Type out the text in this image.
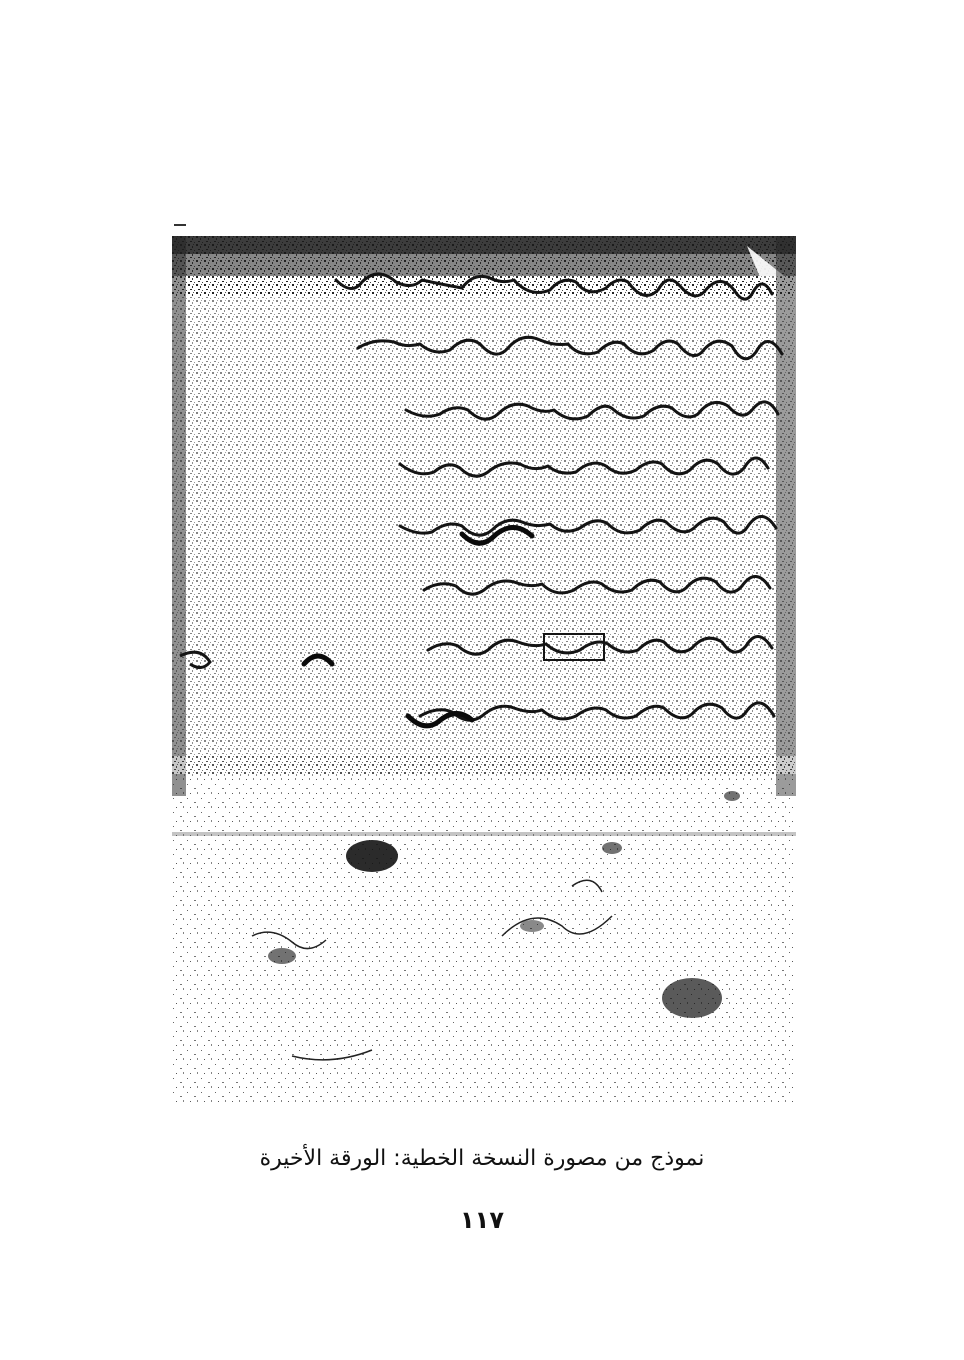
نموذج من مصورة النسخة الخطية: الورقة الأخيرة
١١٧
